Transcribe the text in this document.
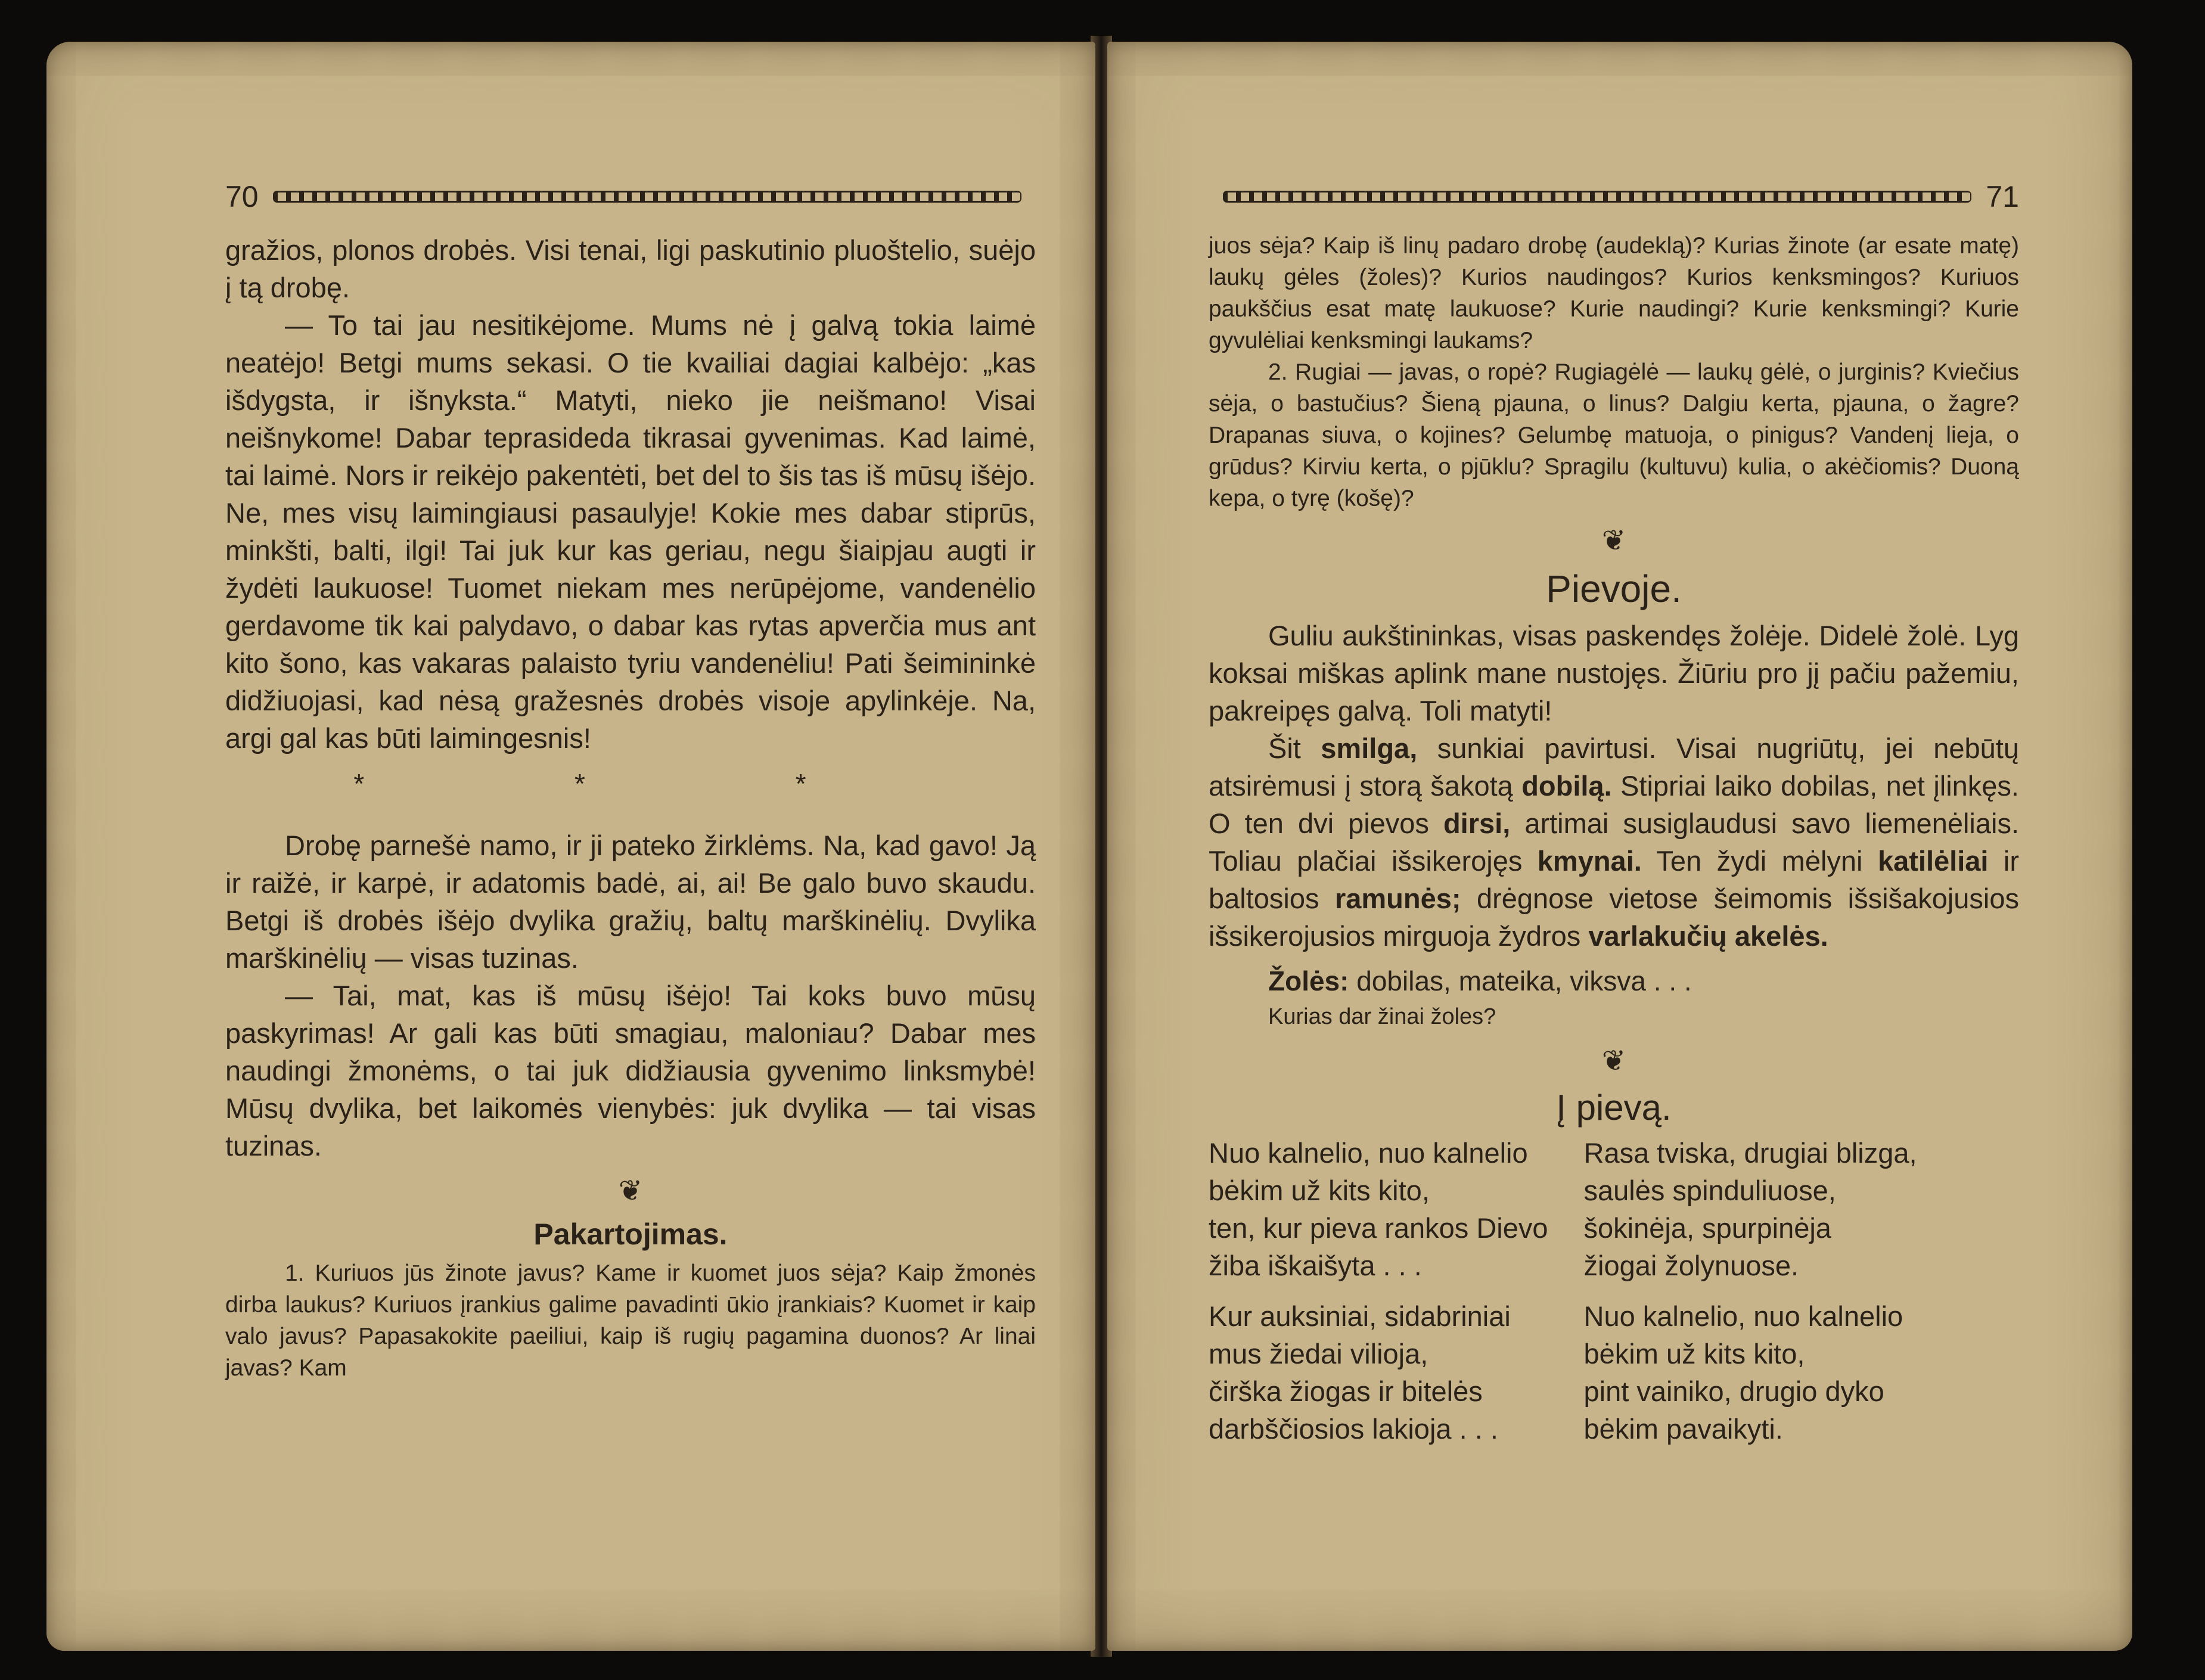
70

gražios, plonos drobės. Visi tenai, ligi paskutinio pluoštelio, suėjo į tą drobę.

— To tai jau nesitikėjome. Mums nė į galvą tokia laimė neatėjo! Betgi mums sekasi. O tie kvailiai dagiai kalbėjo: „kas išdygsta, ir išnyksta.“ Matyti, nieko jie neišmano! Visai neišnykome! Dabar teprasideda tikrasai gyvenimas. Kad laimė, tai laimė. Nors ir reikėjo pakentėti, bet del to šis tas iš mūsų išėjo. Ne, mes visų laimingiausi pasaulyje! Kokie mes dabar stiprūs, minkšti, balti, ilgi! Tai juk kur kas geriau, negu šiaipjau augti ir žydėti laukuose! Tuomet niekam mes nerūpėjome, vandenėlio gerdavome tik kai palydavo, o dabar kas rytas apverčia mus ant kito šono, kas vakaras palaisto tyriu vandenėliu! Pati šeimininkė didžiuojasi, kad nėsą gražesnės drobės visoje apylinkėje. Na, argi gal kas būti laimingesnis!

* * *

Drobę parnešė namo, ir ji pateko žirklėms. Na, kad gavo! Ją ir raižė, ir karpė, ir adatomis badė, ai, ai! Be galo buvo skaudu. Betgi iš drobės išėjo dvylika gražių, baltų marškinėlių. Dvylika marškinėlių — visas tuzinas.

— Tai, mat, kas iš mūsų išėjo! Tai koks buvo mūsų paskyrimas! Ar gali kas būti smagiau, maloniau? Dabar mes naudingi žmonėms, o tai juk didžiausia gyvenimo linksmybė! Mūsų dvylika, bet laikomės vienybės: juk dvylika — tai visas tuzinas.

❦
Pakartojimas.

1. Kuriuos jūs žinote javus? Kame ir kuomet juos sėja? Kaip žmonės dirba laukus? Kuriuos įrankius galime pavadinti ūkio įrankiais? Kuomet ir kaip valo javus? Papasakokite paeiliui, kaip iš rugių pagamina duonos? Ar linai javas? Kam

71

juos sėja? Kaip iš linų padaro drobę (audeklą)? Kurias žinote (ar esate matę) laukų gėles (žoles)? Kurios naudingos? Kurios kenksmingos? Kuriuos paukščius esat matę laukuose? Kurie naudingi? Kurie kenksmingi? Kurie gyvulėliai kenksmingi laukams?

2. Rugiai — javas, o ropė? Rugiagėlė — laukų gėlė, o jurginis? Kviečius sėja, o bastučius? Šieną pjauna, o linus? Dalgiu kerta, pjauna, o žagre? Drapanas siuva, o kojines? Gelumbę matuoja, o pinigus? Vandenį lieja, o grūdus? Kirviu kerta, o pjūklu? Spragilu (kultuvu) kulia, o akėčiomis? Duoną kepa, o tyrę (košę)?

❦
Pievoje.

Guliu aukštininkas, visas paskendęs žolėje. Didelė žolė. Lyg koksai miškas aplink mane nustojęs. Žiūriu pro jį pačiu pažemiu, pakreipęs galvą. Toli matyti!

Šit smilga, sunkiai pavirtusi. Visai nugriūtų, jei nebūtų atsirėmusi į storą šakotą dobilą. Stipriai laiko dobilas, net įlinkęs. O ten dvi pievos dirsi, artimai susiglaudusi savo liemenėliais. Toliau plačiai išsikerojęs kmynai. Ten žydi mėlyni katilėliai ir baltosios ramunės; drėgnose vietose šeimomis išsišakojusios išsikerojusios mirguoja žydros varlakučių akelės.

Žolės: dobilas, mateika, viksva . . .
Kurias dar žinai žoles?
❦
Į pievą.
Nuo kalnelio, nuo kalnelio
bėkim už kits kito,
ten, kur pieva rankos Dievo
žiba iškaišyta . . .
Kur auksiniai, sidabriniai
mus žiedai vilioja,
čirška žiogas ir bitelės
darbščiosios lakioja . . .
Rasa tviska, drugiai blizga,
saulės spinduliuose,
šokinėja, spurpinėja
žiogai žolynuose.
Nuo kalnelio, nuo kalnelio
bėkim už kits kito,
pint vainiko, drugio dyko
bėkim pavaikyti.
